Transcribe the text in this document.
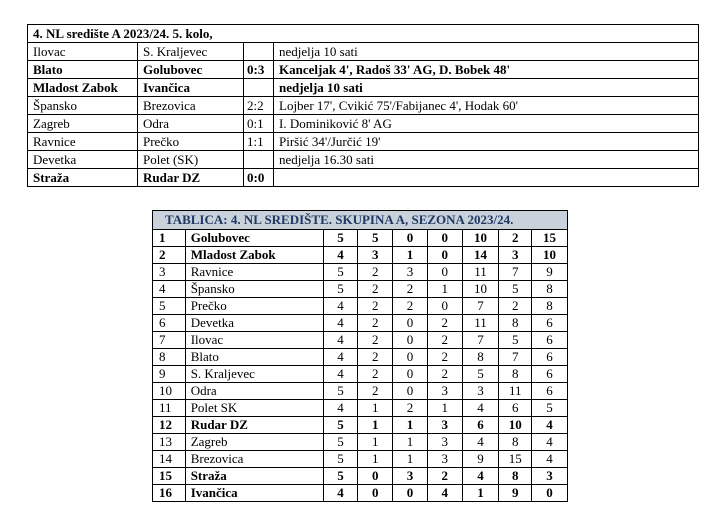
4. NL središte A 2023/24. 5. kolo,			
Ilovac	S. Kraljevec		nedjelja 10 sati
Blato	Golubovec	0:3	Kanceljak 4', Radoš 33' AG, D. Bobek 48'
Mladost Zabok	Ivančica		nedjelja 10 sati
Špansko	Brezovica	2:2	Lojber 17', Cvikić 75'/Fabijanec 4', Hodak 60'
Zagreb	Odra	0:1	I. Dominiković 8' AG
Ravnice	Prečko	1:1	Piršić 34'/Jurčić 19'
Devetka	Polet (SK)		nedjelja 16.30 sati
Straža	Rudar DZ	0:0	
TABLICA: 4. NL SREDIŠTE. SKUPINA A, SEZONA 2023/24.								
1	Golubovec	5	5	0	0	10	2	15
2	Mladost Zabok	4	3	1	0	14	3	10
3	Ravnice	5	2	3	0	11	7	9
4	Špansko	5	2	2	1	10	5	8
5	Prečko	4	2	2	0	7	2	8
6	Devetka	4	2	0	2	11	8	6
7	Ilovac	4	2	0	2	7	5	6
8	Blato	4	2	0	2	8	7	6
9	S. Kraljevec	4	2	0	2	5	8	6
10	Odra	5	2	0	3	3	11	6
11	Polet SK	4	1	2	1	4	6	5
12	Rudar DZ	5	1	1	3	6	10	4
13	Zagreb	5	1	1	3	4	8	4
14	Brezovica	5	1	1	3	9	15	4
15	Straža	5	0	3	2	4	8	3
16	Ivančica	4	0	0	4	1	9	0
